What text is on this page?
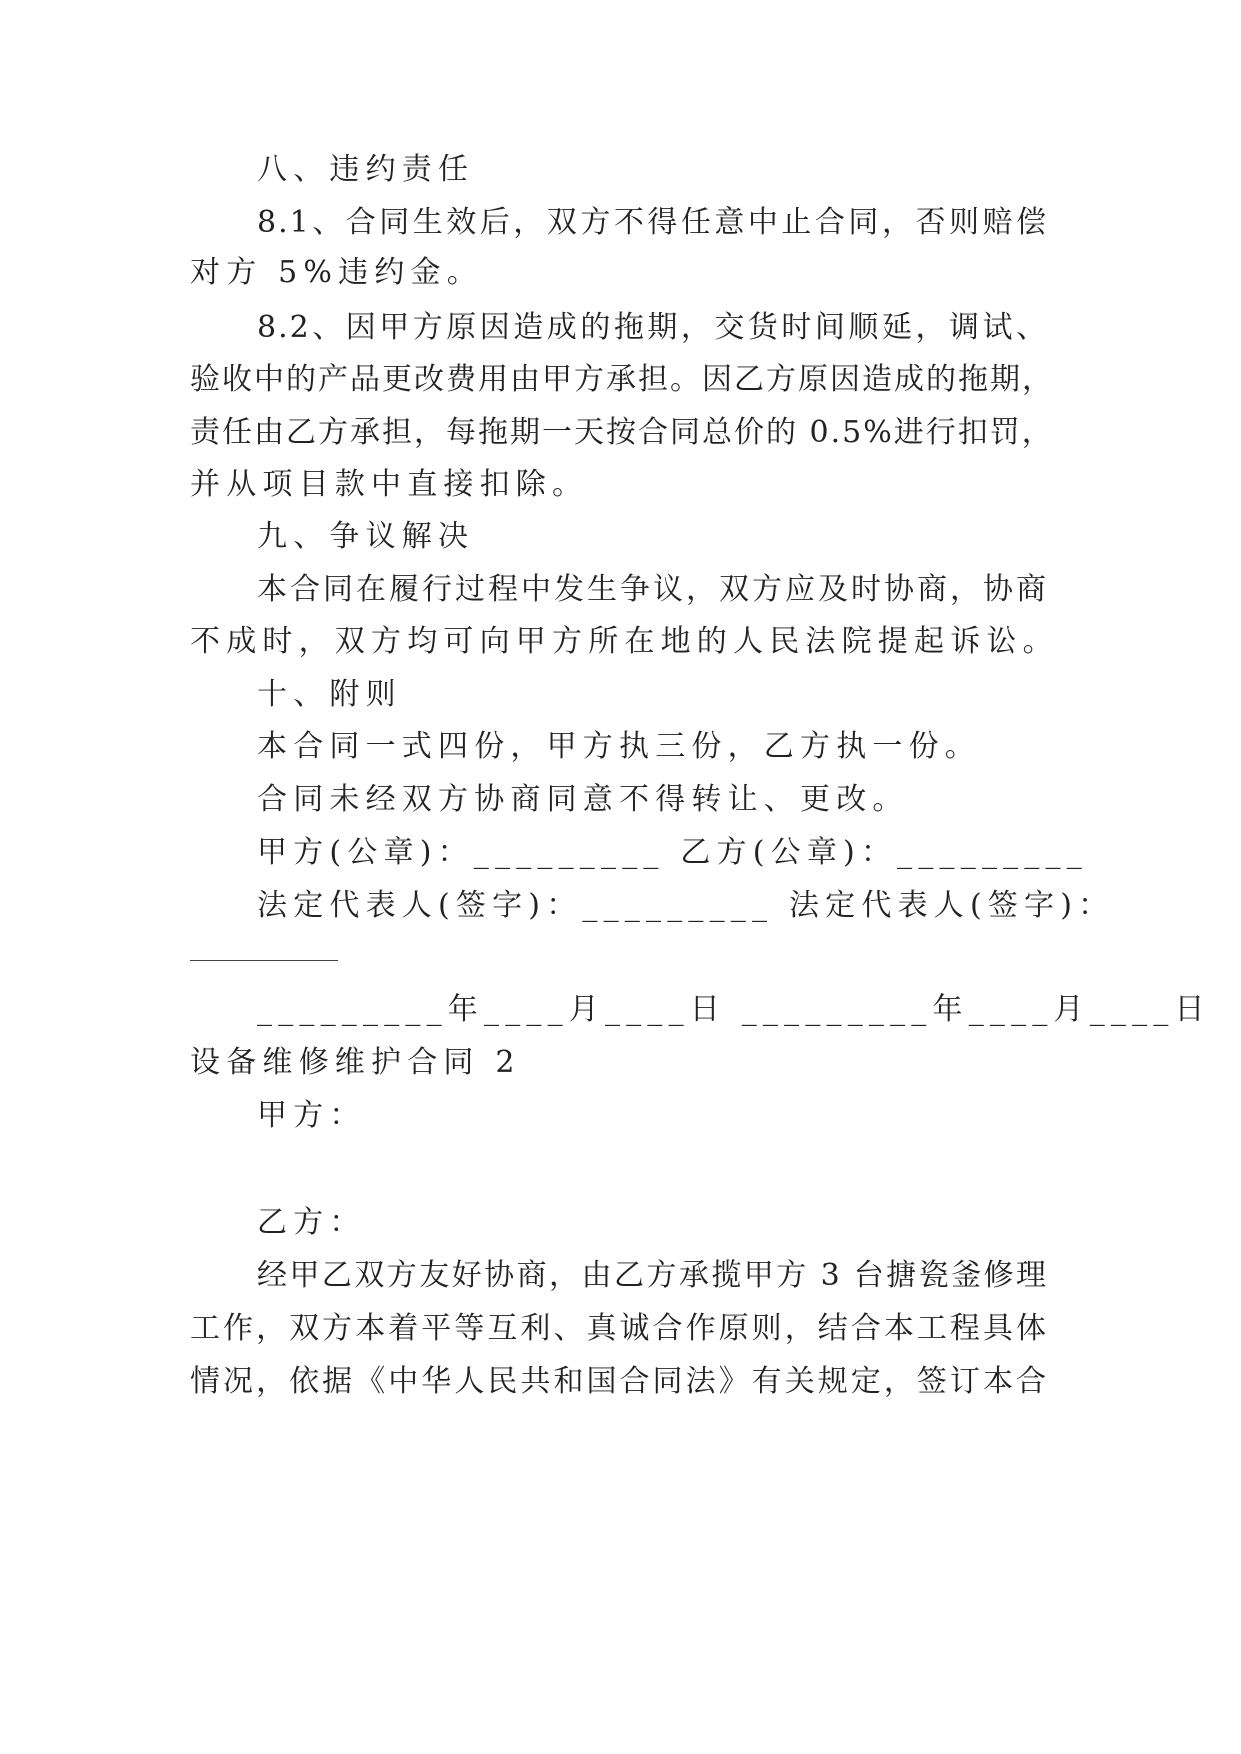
八、违约责任
8.1、合同生效后，双方不得任意中止合同，否则赔偿
对方 5%违约金。
8.2、因甲方原因造成的拖期，交货时间顺延，调试、
验收中的产品更改费用由甲方承担。因乙方原因造成的拖期，
责任由乙方承担，每拖期一天按合同总价的 0.5%进行扣罚，
并从项目款中直接扣除。
九、争议解决
本合同在履行过程中发生争议，双方应及时协商，协商
不成时，双方均可向甲方所在地的人民法院提起诉讼。
十、附则
本合同一式四份，甲方执三份，乙方执一份。
合同未经双方协商同意不得转让、更改。
甲方(公章)：_________ 乙方(公章)：_________
法定代表人(签字)：_________ 法定代表人(签字)：
_________年____月____日 _________年____月____日
设备维修维护合同 2
甲方：
乙方：
经甲乙双方友好协商，由乙方承揽甲方 3 台搪瓷釜修理
工作，双方本着平等互利、真诚合作原则，结合本工程具体
情况，依据《中华人民共和国合同法》有关规定，签订本合
